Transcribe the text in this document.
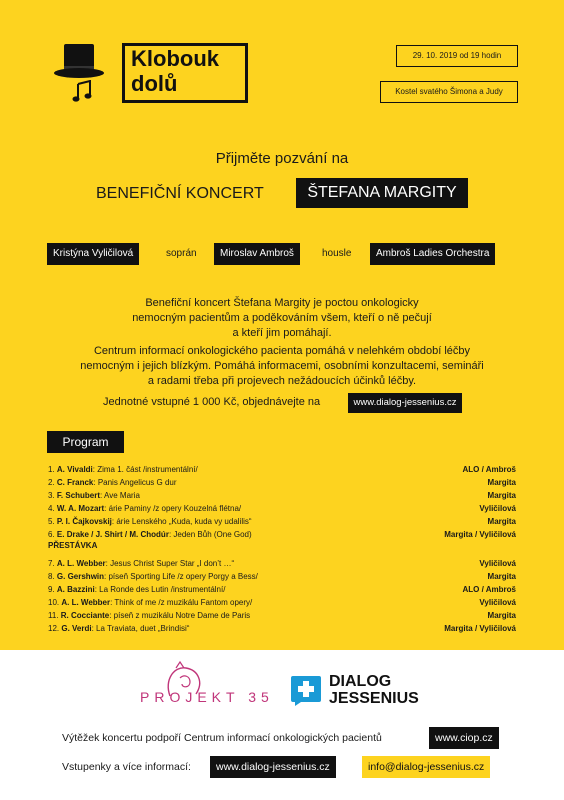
Klobouk
dolů
29. 10. 2019 od 19 hodin
Kostel svatého Šimona a Judy
Přijměte pozvání na
BENEFIČNÍ KONCERT	ŠTEFANA MARGITY
Kristýna Vyličilová	soprán	Miroslav Ambroš	housle	Ambroš Ladies Orchestra
Benefiční koncert Štefana Margity je poctou onkologicky
nemocným pacientům a poděkováním všem, kteří o ně pečují
a kteří jim pomáhají.
Centrum informací onkologického pacienta pomáhá v nelehkém období léčby
nemocným i jejich blízkým. Pomáhá informacemi, osobními konzultacemi, semináři
a radami třeba při projevech nežádoucích účinků léčby.
Jednotné vstupné 1 000 Kč, objednávejte na	www.dialog-jessenius.cz
Program
1. A. Vivaldi: Zima 1. část /instrumentální/	ALO / Ambroš
2. C. Franck: Panis Angelicus G dur	Margita
3. F. Schubert: Ave Maria	Margita
4. W. A. Mozart: árie Paminy /z opery Kouzelná flétna/	Vyličilová
5. P. I. Čajkovskij: árie Lenského „Kuda, kuda vy udalilis“	Margita
6. E. Drake / J. Shirt / M. Chodúr: Jeden Bůh (One God)	Margita / Vyličilová
PŘESTÁVKA
7. A. L. Webber: Jesus Christ Super Star „I don’t …“	Vyličilová
8. G. Gershwin: píseň Sporting Life /z opery Porgy a Bess/	Margita
9. A. Bazzini: La Ronde des Lutin /instrumentální/	ALO / Ambroš
10. A. L. Webber: Think of me /z muzikálu Fantom opery/	Vyličilová
11. R. Cocciante: píseň z muzikálu Notre Dame de Paris	Margita
12. G. Verdi: La Traviata, duet „Brindisi“	Margita / Vyličilová
PROJEKT 35
DIALOG
JESSENIUS
Výtěžek koncertu podpoří Centrum informací onkologických pacientů	www.ciop.cz
Vstupenky a více informací:	www.dialog-jessenius.cz	info@dialog-jessenius.cz
